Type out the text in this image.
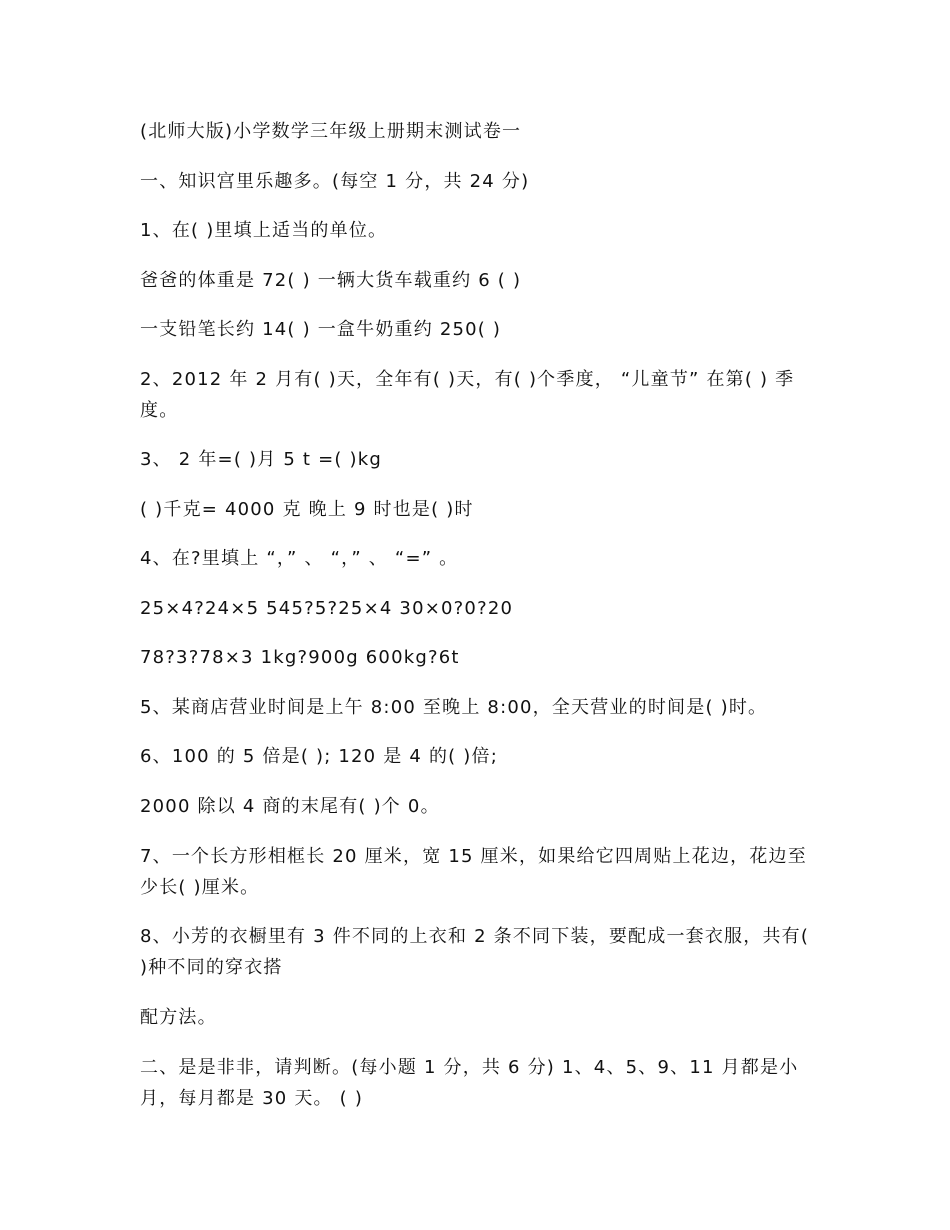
(北师大版)小学数学三年级上册期末测试卷一
一、知识宫里乐趣多。(每空 1 分，共 24 分)
1、在( )里填上适当的单位。
爸爸的体重是 72( ) 一辆大货车载重约 6 ( )
一支铅笔长约 14( ) 一盒牛奶重约 250( )
2、2012 年 2 月有( )天，全年有( )天，有( )个季度， “儿童节” 在第( ) 季度。
3、 2 年=( )月 5 t =( )kg
( )千克= 4000 克 晚上 9 时也是( )时
4、在?里填上 “，” 、 “，” 、 “=” 。
25×4?24×5 545?5?25×4 30×0?0?20
78?3?78×3 1kg?900g 600kg?6t
5、某商店营业时间是上午 8:00 至晚上 8:00，全天营业的时间是( )时。
6、100 的 5 倍是( ); 120 是 4 的( )倍;
2000 除以 4 商的末尾有( )个 0。
7、一个长方形相框长 20 厘米，宽 15 厘米，如果给它四周贴上花边，花边至少长( )厘米。
8、小芳的衣橱里有 3 件不同的上衣和 2 条不同下装，要配成一套衣服，共有( )种不同的穿衣搭
配方法。
二、是是非非，请判断。(每小题 1 分，共 6 分) 1、4、5、9、11 月都是小月，每月都是 30 天。 ( )
